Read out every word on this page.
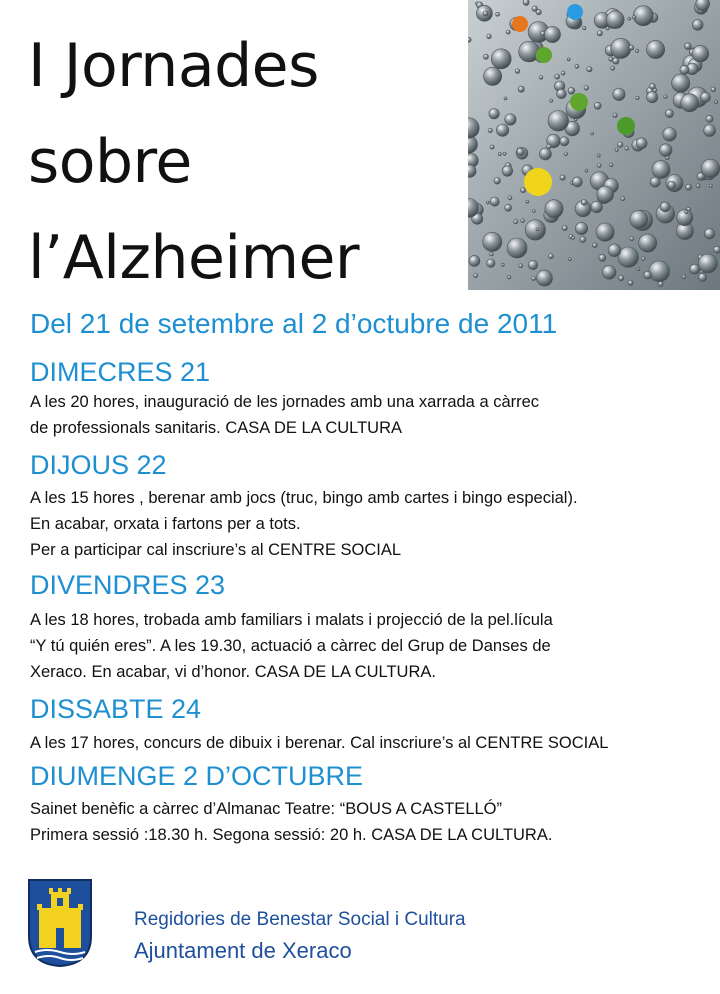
I Jornades
sobre
l’Alzheimer
Del 21 de setembre al 2 d’octubre de 2011
DIMECRES 21
A les 20 hores, inauguració de les jornades amb una xarrada a càrrec
de professionals sanitaris. CASA DE LA CULTURA
DIJOUS 22
A les 15 hores , berenar amb jocs (truc, bingo amb cartes i bingo especial).
En acabar, orxata i fartons per a tots.
Per a participar cal inscriure’s al CENTRE SOCIAL
DIVENDRES 23
A les 18 hores, trobada amb familiars i malats i projecció de la pel.lícula
“Y tú quién eres”. A les 19.30, actuació a càrrec del Grup de Danses de
Xeraco. En acabar, vi d’honor. CASA DE LA CULTURA.
DISSABTE 24
A les 17 hores, concurs de dibuix i berenar. Cal inscriure’s al CENTRE SOCIAL
DIUMENGE 2 D’OCTUBRE
Sainet benèfic a càrrec d’Almanac Teatre: “BOUS A CASTELLÓ”
Primera sessió :18.30 h. Segona sessió: 20 h. CASA DE LA CULTURA.
Regidories de Benestar Social i Cultura
Ajuntament de Xeraco
